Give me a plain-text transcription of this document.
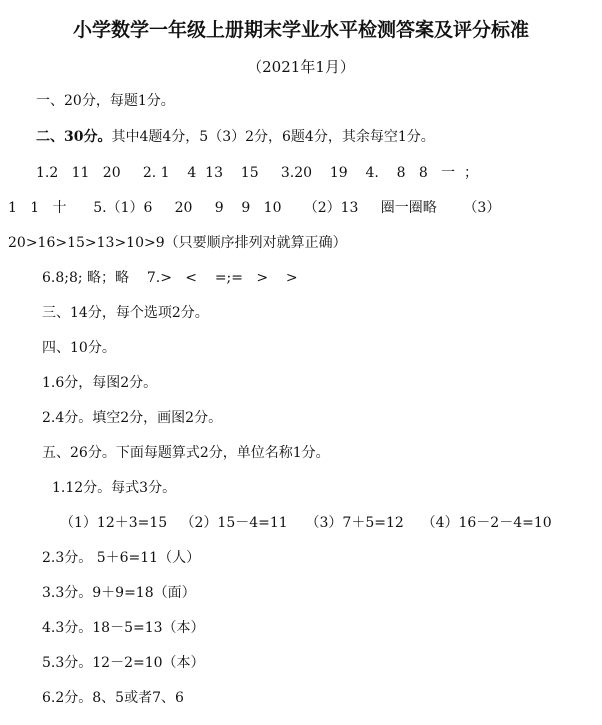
小学数学一年级上册期末学业水平检测答案及评分标准
（2021年1月）
一、20分，每题1分。
二、30分。其中4题4分，5（3）2分，6题4分，其余每空1分。
1.2   11   20     2. 1    4  13    15     3.20    19    4.    8   8   一  ；
1   1   十      5.（1）6     20     9    9   10     （2）13     圈一圈略      （3）
20>16>15>13>10>9（只要顺序排列对就算正确）
6.8;8; 略；略    7.>   <    =;=   >    >
三、14分，每个选项2分。
四、10分。
1.6分，每图2分。
2.4分。填空2分，画图2分。
五、26分。下面每题算式2分，单位名称1分。
1.12分。每式3分。
（1）12＋3=15   （2）15－4=11    （3）7＋5=12    （4）16－2－4=10
2.3分。 5＋6=11（人）
3.3分。9＋9=18（面）
4.3分。18－5=13（本）
5.3分。12－2=10（本）
6.2分。8、5或者7、6
